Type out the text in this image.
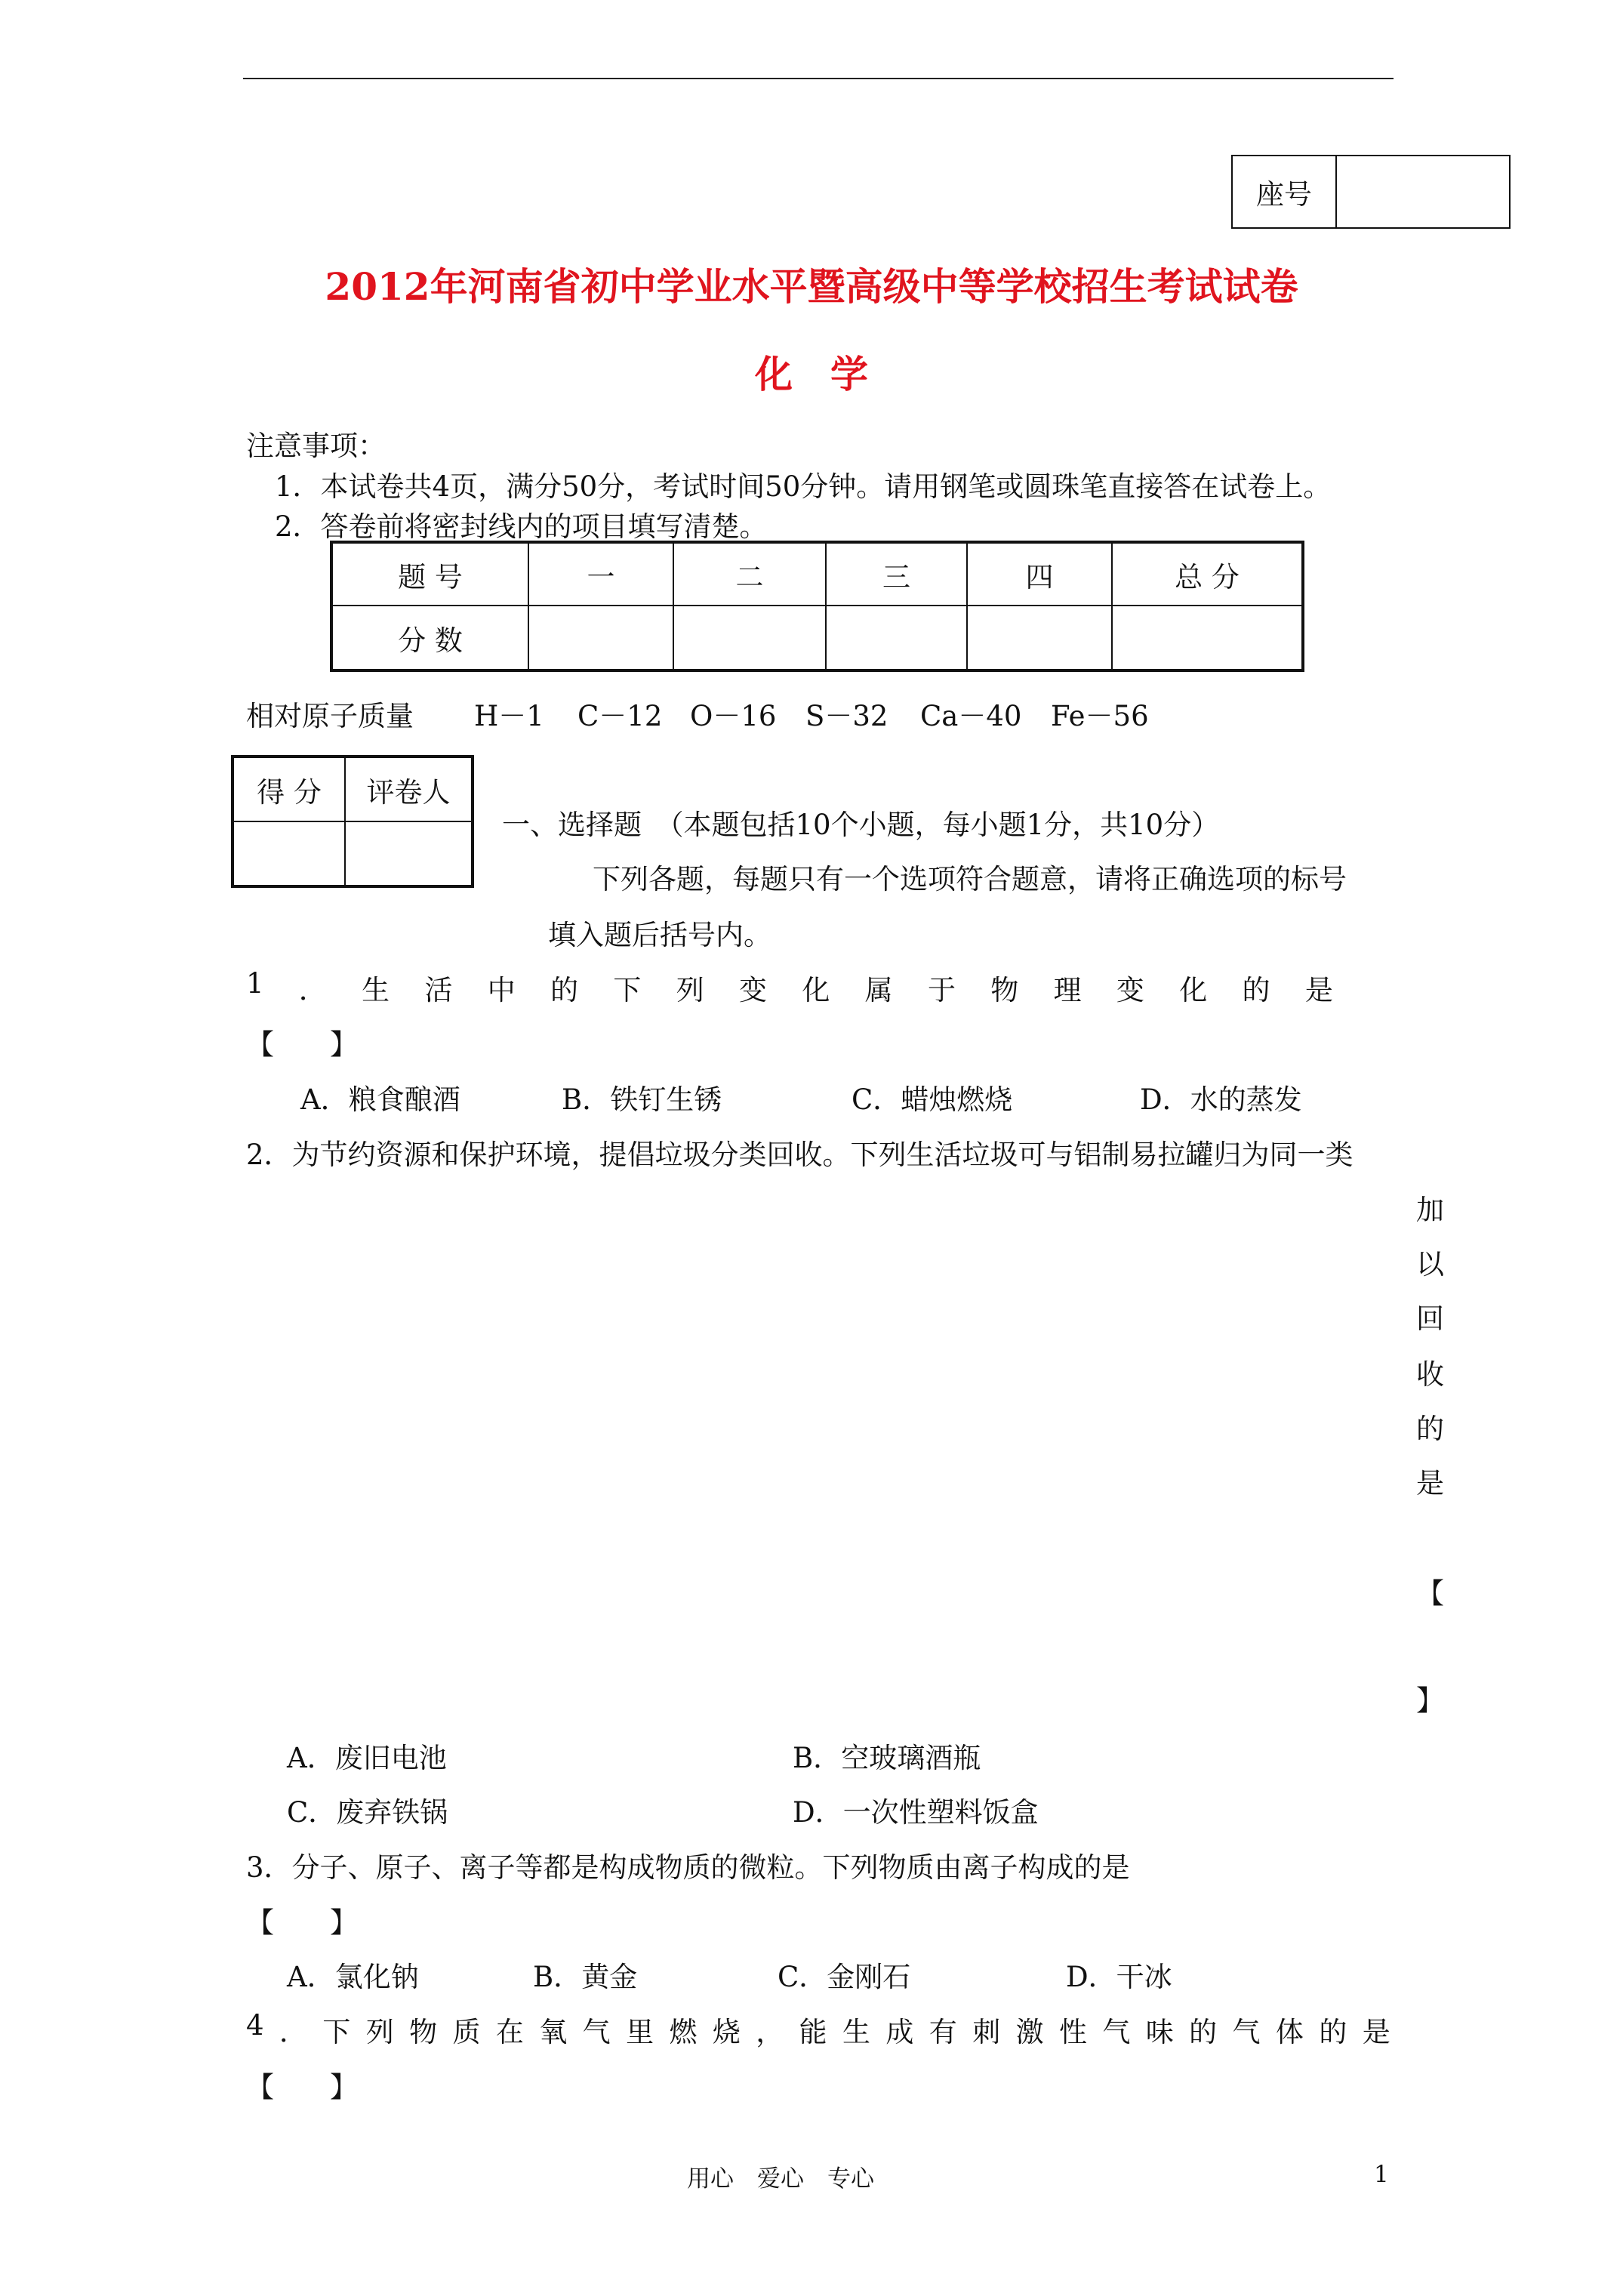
座号	
2012年河南省初中学业水平暨高级中等学校招生考试试卷
化　学
注意事项：
1．本试卷共4页，满分50分，考试时间50分钟。请用钢笔或圆珠笔直接答在试卷上。
2．答卷前将密封线内的项目填写清楚。
题 号	一	二	三	四	总 分
分 数					
相对原子质量 H－1 C－12 O－16 S－32 Ca－40 Fe－56
得 分	评卷人

一、选择题　（本题包括10个小题，每小题1分，共10分）
下列各题，每题只有一个选项符合题意，请将正确选项的标号
填入题后括号内。
1 ． 生 活 中 的 下 列 变 化 属 于 物 理 变 化 的 是
【　　】
A．粮食酿酒	B．铁钉生锈	C．蜡烛燃烧	D．水的蒸发
2．为节约资源和保护环境，提倡垃圾分类回收。下列生活垃圾可与铝制易拉罐归为同一类
加
以
回
收
的
是
【
】
A．废旧电池	B．空玻璃酒瓶
C．废弃铁锅	D．一次性塑料饭盒
3．分子、原子、离子等都是构成物质的微粒。下列物质由离子构成的是
【　　】
A．氯化钠	B．黄金	C．金刚石	D．干冰
4 ． 下 列 物 质 在 氧 气 里 燃 烧 ， 能 生 成 有 刺 激 性 气 味 的 气 体 的 是
【　　】
用心　爱心　专心	1
